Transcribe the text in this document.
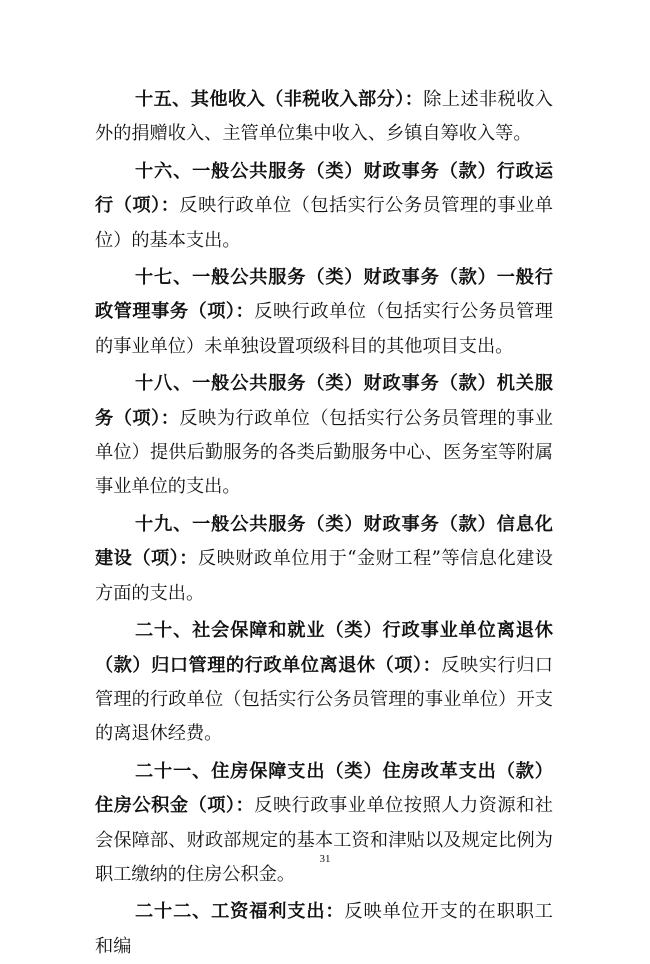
十五、其他收入（非税收入部分）：除上述非税收入外的捐赠收入、主管单位集中收入、乡镇自筹收入等。

十六、一般公共服务（类）财政事务（款）行政运行（项）：反映行政单位（包括实行公务员管理的事业单位）的基本支出。

十七、一般公共服务（类）财政事务（款）一般行政管理事务（项）：反映行政单位（包括实行公务员管理的事业单位）未单独设置项级科目的其他项目支出。

十八、一般公共服务（类）财政事务（款）机关服务（项）：反映为行政单位（包括实行公务员管理的事业单位）提供后勤服务的各类后勤服务中心、医务室等附属事业单位的支出。

十九、一般公共服务（类）财政事务（款）信息化建设（项）：反映财政单位用于“金财工程”等信息化建设方面的支出。

二十、社会保障和就业（类）行政事业单位离退休（款）归口管理的行政单位离退休（项）：反映实行归口管理的行政单位（包括实行公务员管理的事业单位）开支的离退休经费。

二十一、住房保障支出（类）住房改革支出（款）住房公积金（项）：反映行政事业单位按照人力资源和社会保障部、财政部规定的基本工资和津贴以及规定比例为职工缴纳的住房公积金。

二十二、工资福利支出：反映单位开支的在职职工和编

31
